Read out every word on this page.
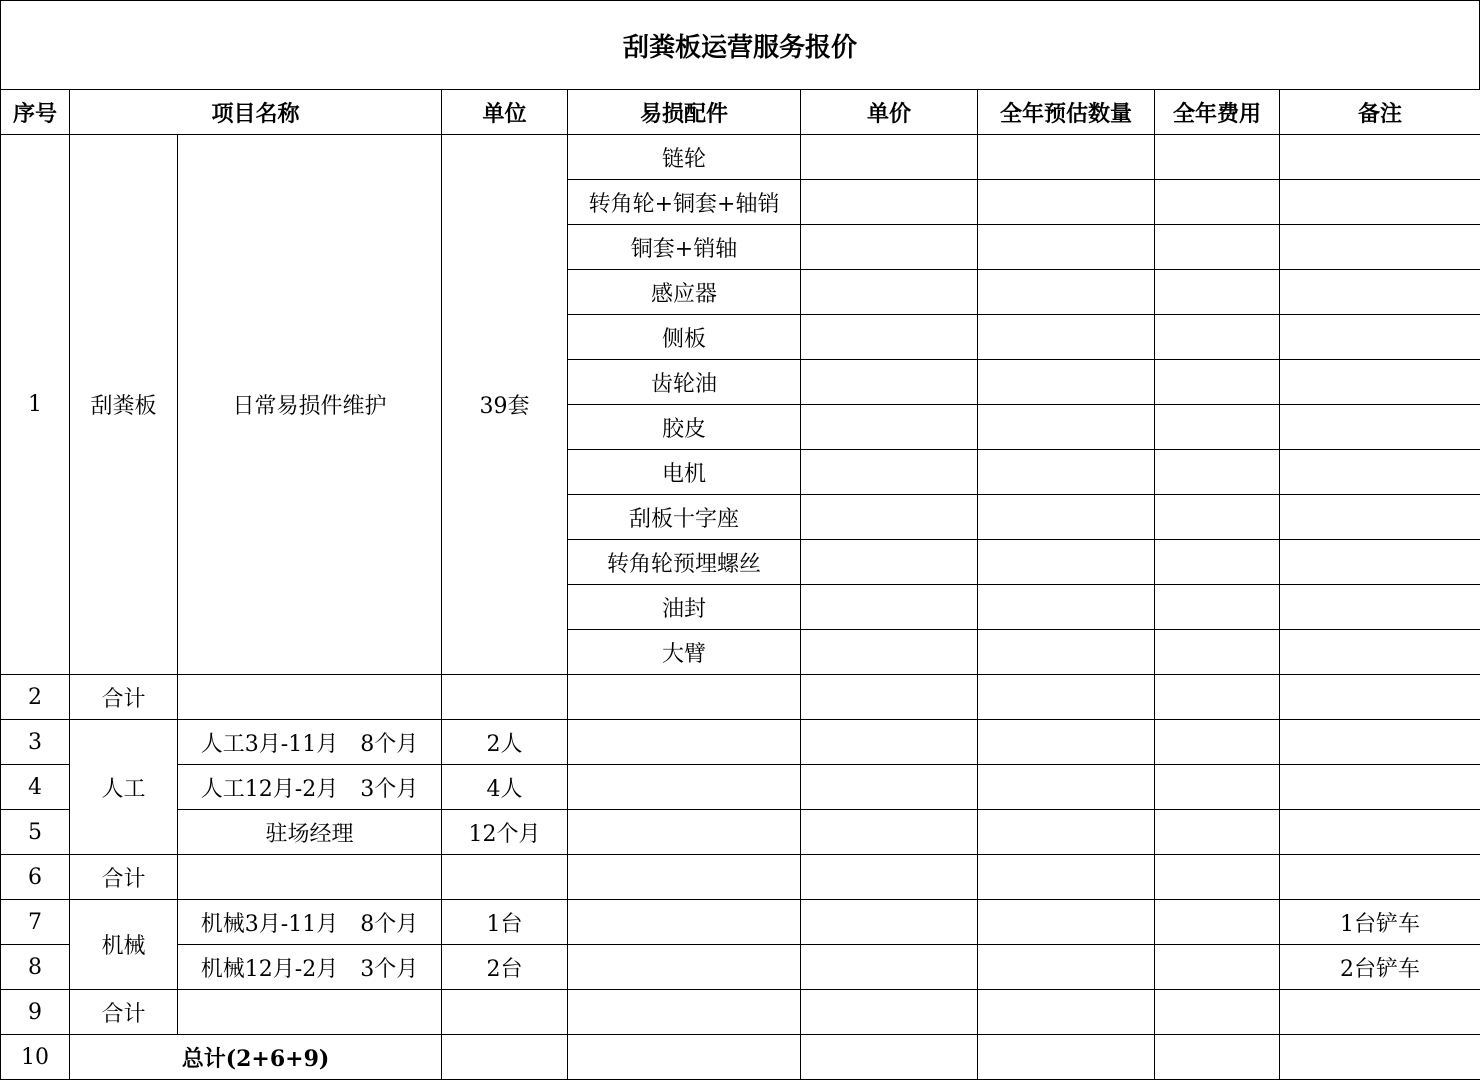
刮粪板运营服务报价
序号	项目名称		单位	易损配件	单价	全年预估数量	全年费用	备注
1	刮粪板	日常易损件维护	39套	链轮				
				转角轮+铜套+轴销				
				铜套+销轴				
				感应器				
				侧板				
				齿轮油				
				胶皮				
				电机				
				刮板十字座				
				转角轮预埋螺丝				
				油封				
				大臂				
2	合计							
3	人工	人工3月-11月　8个月	2人					
4		人工12月-2月　3个月	4人					
5		驻场经理	12个月					
6	合计							
7	机械	机械3月-11月　8个月	1台					1台铲车
8		机械12月-2月　3个月	2台					2台铲车
9	合计							
10	总计(2+6+9)							
